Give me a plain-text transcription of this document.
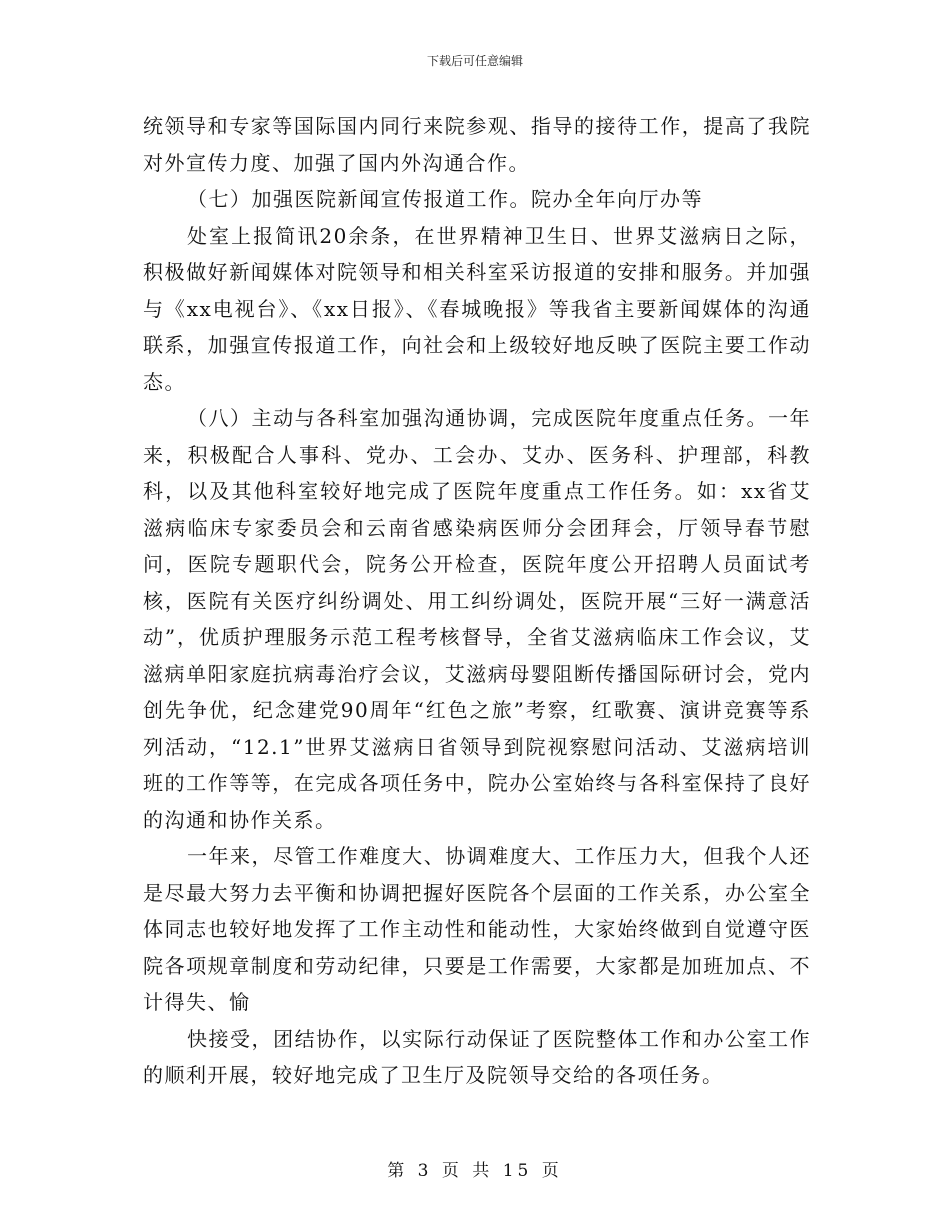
下载后可任意编辑

统领导和专家等国际国内同行来院参观、指导的接待工作，提高了我院对外宣传力度、加强了国内外沟通合作。

（七）加强医院新闻宣传报道工作。院办全年向厅办等

处室上报简讯20余条，在世界精神卫生日、世界艾滋病日之际，积极做好新闻媒体对院领导和相关科室采访报道的安排和服务。并加强与《xx电视台》、《xx日报》、《春城晚报》等我省主要新闻媒体的沟通联系，加强宣传报道工作，向社会和上级较好地反映了医院主要工作动态。

（八）主动与各科室加强沟通协调，完成医院年度重点任务。一年来，积极配合人事科、党办、工会办、艾办、医务科、护理部，科教科，以及其他科室较好地完成了医院年度重点工作任务。如：xx省艾滋病临床专家委员会和云南省感染病医师分会团拜会，厅领导春节慰问，医院专题职代会，院务公开检查，医院年度公开招聘人员面试考核，医院有关医疗纠纷调处、用工纠纷调处，医院开展“三好一满意活动”，优质护理服务示范工程考核督导，全省艾滋病临床工作会议，艾滋病单阳家庭抗病毒治疗会议，艾滋病母婴阻断传播国际研讨会，党内创先争优，纪念建党90周年“红色之旅”考察，红歌赛、演讲竞赛等系列活动，“12.1”世界艾滋病日省领导到院视察慰问活动、艾滋病培训班的工作等等，在完成各项任务中，院办公室始终与各科室保持了良好的沟通和协作关系。

一年来，尽管工作难度大、协调难度大、工作压力大，但我个人还是尽最大努力去平衡和协调把握好医院各个层面的工作关系，办公室全体同志也较好地发挥了工作主动性和能动性，大家始终做到自觉遵守医院各项规章制度和劳动纪律，只要是工作需要，大家都是加班加点、不计得失、愉

快接受，团结协作，以实际行动保证了医院整体工作和办公室工作的顺利开展，较好地完成了卫生厅及院领导交给的各项任务。

第 3 页 共 15 页
